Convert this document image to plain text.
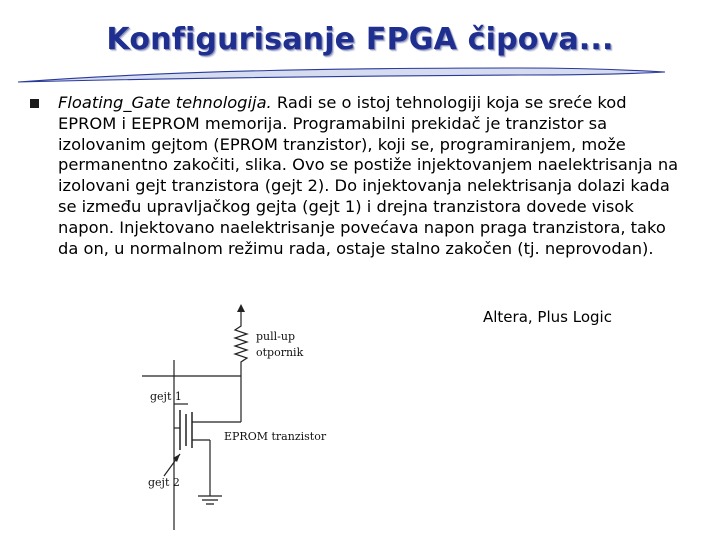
Konfigurisanje FPGA čipova...

Floating_Gate tehnologija. Radi se o istoj tehnologiji koja se sreće kod EPROM i EEPROM memorija. Programabilni prekidač je tranzistor sa izolovanim gejtom (EPROM tranzistor), koji se, programiranjem, može permanentno zakočiti, slika. Ovo se postiže injektovanjem naelektrisanja na izolovani gejt tranzistora (gejt 2). Do injektovanja nelektrisanja dolazi kada se između upravljačkog gejta (gejt 1) i drejna tranzistora dovede visok napon. Injektovano naelektrisanje povećava napon praga tranzistora, tako da on, u normalnom režimu rada, ostaje stalno zakočen (tj. neprovodan).

Altera, Plus Logic
pull-up
otpornik
gejt 1
EPROM tranzistor
gejt 2
